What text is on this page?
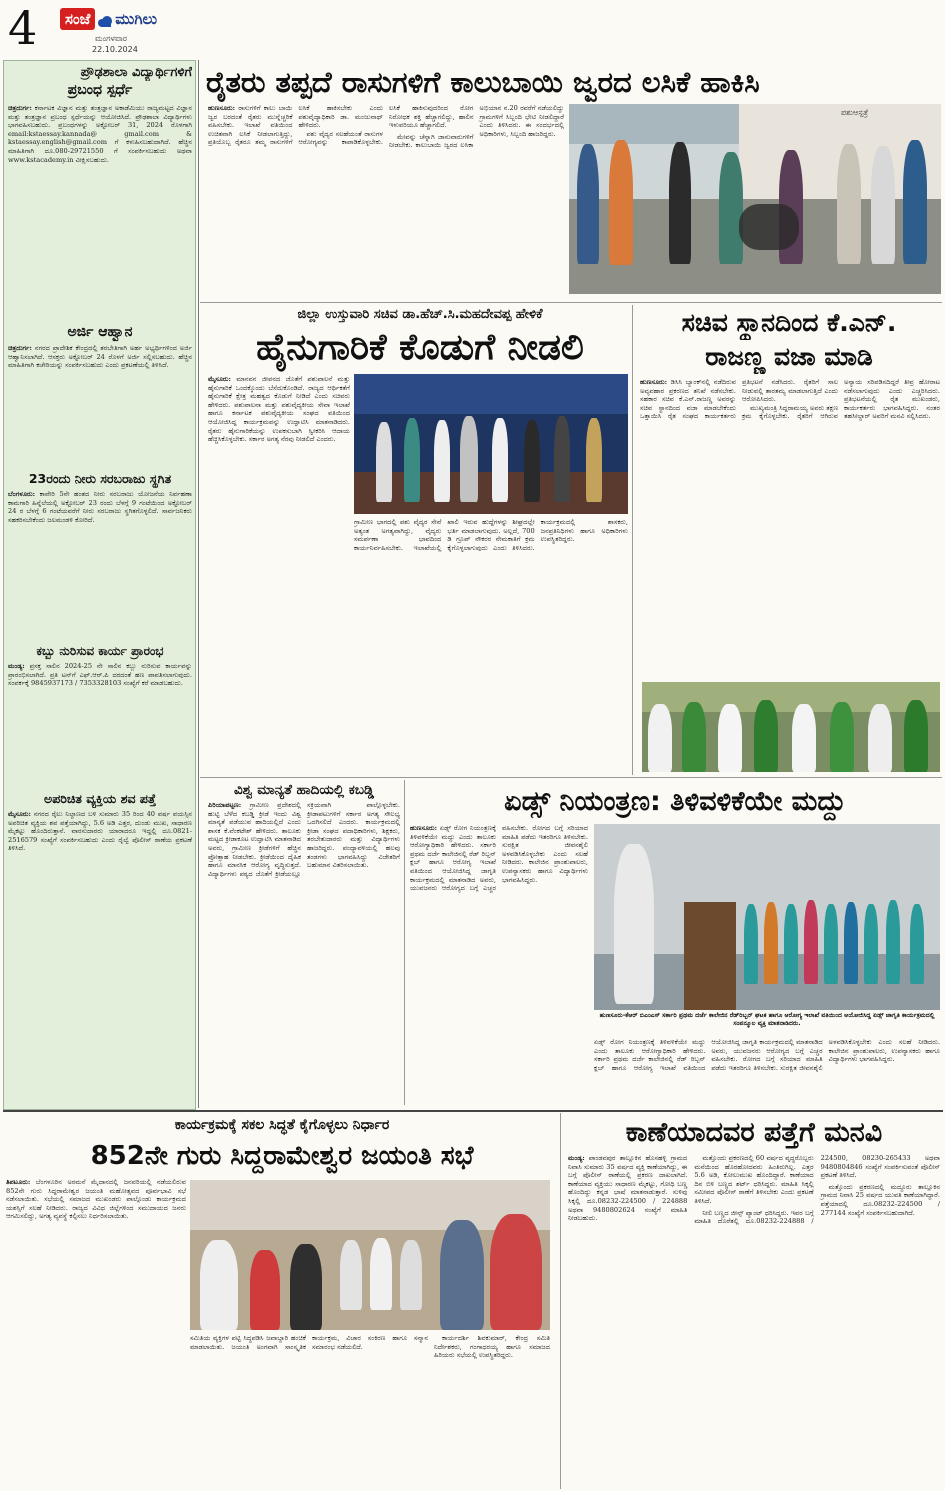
4	ಸಂಜೆ	ಮುಗಿಲು
ಮಂಗಳವಾರ
22.10.2024
ಪ್ರೌಢಶಾಲಾ ವಿದ್ಯಾರ್ಥಿಗಳಿಗೆ
ಪ್ರಬಂಧ ಸ್ಪರ್ಧೆ
ಚಿತ್ರದುರ್ಗ: ಕರ್ನಾಟಕ ವಿಜ್ಞಾನ ಮತ್ತು ತಂತ್ರಜ್ಞಾನ ಅಕಾಡೆಮಿಯು ರಾಜ್ಯಮಟ್ಟದ ವಿಜ್ಞಾನ ಮತ್ತು ತಂತ್ರಜ್ಞಾನ ಪ್ರಬಂಧ ಸ್ಪರ್ಧೆಯನ್ನು ಆಯೋಜಿಸಿದೆ. ಪ್ರೌಢಶಾಲಾ ವಿದ್ಯಾರ್ಥಿಗಳು ಭಾಗವಹಿಸಬಹುದು. ಪ್ರಬಂಧಗಳನ್ನು ಅಕ್ಟೋಬರ್ 31, 2024 ರೊಳಗಾಗಿ email:kstaessay.kannada@ gmail.com & kstaessay.english@gmail.com ಗೆ ಕಳುಹಿಸಬಹುದಾಗಿದೆ. ಹೆಚ್ಚಿನ ಮಾಹಿತಿಗಾಗಿ ದೂ.080-29721550 ಗೆ ಸಂಪರ್ಕಿಸಬಹುದು ಅಥವಾ www.kstacademy.in ವೀಕ್ಷಿಸಬಹುದು.
ಅರ್ಜಿ ಆಹ್ವಾನ
ಚಿತ್ರದುರ್ಗ: ನಗರದ ಪ್ರಾದೇಶಿಕ ಕೇಂದ್ರದಲ್ಲಿ ತರಬೇತಿಗಾಗಿ ಅರ್ಹ ಅಭ್ಯರ್ಥಿಗಳಿಂದ ಅರ್ಜಿ ಆಹ್ವಾನಿಸಲಾಗಿದೆ. ಆಸಕ್ತರು ಅಕ್ಟೋಬರ್ 24 ರೊಳಗೆ ಅರ್ಜಿ ಸಲ್ಲಿಸಬಹುದು. ಹೆಚ್ಚಿನ ಮಾಹಿತಿಗಾಗಿ ಕಚೇರಿಯನ್ನು ಸಂಪರ್ಕಿಸಬಹುದು ಎಂದು ಪ್ರಕಟಣೆಯಲ್ಲಿ ತಿಳಿಸಿದೆ.
23ರಂದು ನೀರು ಸರಬರಾಜು ಸ್ಥಗಿತ
ಬೆಂಗಳೂರು: ಕಾವೇರಿ 5ನೇ ಹಂತದ ನೀರು ಸರಬರಾಜು ಯೋಜನೆಯ ನಿರ್ವಹಣಾ ಕಾಮಗಾರಿ ಹಿನ್ನೆಲೆಯಲ್ಲಿ ಅಕ್ಟೋಬರ್ 23 ರಂದು ಬೆಳಗ್ಗೆ 9 ಗಂಟೆಯಿಂದ ಅಕ್ಟೋಬರ್ 24 ರ ಬೆಳಗ್ಗೆ 6 ಗಂಟೆಯವರೆಗೆ ನೀರು ಸರಬರಾಜು ಸ್ಥಗಿತಗೊಳ್ಳಲಿದೆ. ಸಾರ್ವಜನಿಕರು ಸಹಕರಿಸಬೇಕೆಂದು ಜಲಮಂಡಳಿ ಕೋರಿದೆ.
ಕಬ್ಬು ನುರಿಸುವ ಕಾರ್ಯ ಪ್ರಾರಂಭ
ಮಂಡ್ಯ: ಪ್ರಸಕ್ತ ಸಾಲಿನ 2024-25 ನೇ ಸಾಲಿನ ಕಬ್ಬು ನುರಿಸುವ ಕಾರ್ಯವನ್ನು ಪ್ರಾರಂಭಿಸಲಾಗಿದೆ. ಪ್ರತಿ ಟನ್‌ಗೆ ಎಫ್.ಆರ್.ಪಿ ದರದಂತೆ ಹಣ ಪಾವತಿಸಲಾಗುವುದು. ಸಂಪರ್ಕಕ್ಕೆ 9845937173 / 7353328103 ಸಂಖ್ಯೆಗೆ ಕರೆ ಮಾಡಬಹುದು.
ಅಪರಿಚಿತ ವ್ಯಕ್ತಿಯ ಶವ ಪತ್ತೆ
ಮೈಸೂರು: ನಗರದ ರೈಲು ನಿಲ್ದಾಣದ ಬಳಿ ಸುಮಾರು 35 ರಿಂದ 40 ವರ್ಷ ವಯಸ್ಸಿನ ಅಪರಿಚಿತ ವ್ಯಕ್ತಿಯ ಶವ ಪತ್ತೆಯಾಗಿದ್ದು, 5.6 ಅಡಿ ಎತ್ತರ, ದುಂಡು ಮುಖ, ಸಾಧಾರಣ ಮೈಕಟ್ಟು ಹೊಂದಿರುತ್ತಾನೆ. ವಾರಸುದಾರರು ಯಾರಾದರೂ ಇದ್ದಲ್ಲಿ ದೂ.0821-2516579 ಸಂಖ್ಯೆಗೆ ಸಂಪರ್ಕಿಸಬಹುದು ಎಂದು ರೈಲ್ವೆ ಪೊಲೀಸ್ ಠಾಣೆಯ ಪ್ರಕಟಣೆ ತಿಳಿಸಿದೆ.
ರೈತರು ತಪ್ಪದೆ ರಾಸುಗಳಿಗೆ ಕಾಲುಬಾಯಿ ಜ್ವರದ ಲಸಿಕೆ ಹಾಕಿಸಿ
ಹುಣಸೂರು: ರಾಸುಗಳಿಗೆ ಕಾಲು ಬಾಯಿ ಜ್ವರ ಬರದಂತೆ ರೈತರು ಮುನ್ನೆಚ್ಚರಿಕೆ ವಹಿಸಬೇಕು. ಇಲಾಖೆ ವತಿಯಿಂದ ಉಚಿತವಾಗಿ ಲಸಿಕೆ ನೀಡಲಾಗುತ್ತಿದ್ದು, ಪ್ರತಿಯೊಬ್ಬ ರೈತರೂ ತಮ್ಮ ರಾಸುಗಳಿಗೆ ಲಸಿಕೆ ಹಾಕಿಸಬೇಕು ಎಂದು ಪಶುವೈದ್ಯಾಧಿಕಾರಿ ಡಾ. ಮಂಜುನಾಥ್ ಹೇಳಿದರು.

ಪಶು ವೈದ್ಯರ ಸಲಹೆಯಂತೆ ರಾಸುಗಳ ಆರೋಗ್ಯವನ್ನು ಕಾಪಾಡಿಕೊಳ್ಳಬೇಕು. ಲಸಿಕೆ ಹಾಕಿಸುವುದರಿಂದ ರೋಗ ನಿರೋಧಕ ಶಕ್ತಿ ಹೆಚ್ಚಾಗಲಿದ್ದು, ಹಾಲಿನ ಇಳುವರಿಯೂ ಹೆಚ್ಚಾಗಲಿದೆ.

ಮೇವನ್ನು ಚೆನ್ನಾಗಿ ಜಾನುವಾರುಗಳಿಗೆ ನೀಡಬೇಕು. ಕಾಲುಬಾಯಿ ಜ್ವರದ ಲಸಿಕಾ ಅಭಿಯಾನ ನ.20 ರವರೆಗೆ ನಡೆಯಲಿದ್ದು ಗ್ರಾಮಗಳಿಗೆ ಸಿಬ್ಬಂದಿ ಭೇಟಿ ನೀಡಲಿದ್ದಾರೆ ಎಂದು ತಿಳಿಸಿದರು. ಈ ಸಂದರ್ಭದಲ್ಲಿ ಅಧಿಕಾರಿಗಳು, ಸಿಬ್ಬಂದಿ ಹಾಜರಿದ್ದರು.

ಪಶುಆಸ್ಪತ್ರೆ
ಜಿಲ್ಲಾ ಉಸ್ತುವಾರಿ ಸಚಿವ ಡಾ.ಹೆಚ್.ಸಿ.ಮಹದೇವಪ್ಪ ಹೇಳಿಕೆ
ಹೈನುಗಾರಿಕೆ ಕೊಡುಗೆ ನೀಡಲಿ
ಮೈಸೂರು: ಮಾನವನ ಜೀವನದ ಜೊತೆಗೆ ಪಶುಪಾಲನೆ ಮತ್ತು ಹೈನುಗಾರಿಕೆ ಒಂದಕ್ಕೊಂದು ಬೆಸೆದುಕೊಂಡಿದೆ. ರಾಜ್ಯದ ಆರ್ಥಿಕತೆಗೆ ಹೈನುಗಾರಿಕೆ ಕ್ಷೇತ್ರ ಮಹತ್ವದ ಕೊಡುಗೆ ನೀಡಿದೆ ಎಂದು ಸಚಿವರು ಹೇಳಿದರು. ಪಶುಪಾಲನಾ ಮತ್ತು ಪಶುವೈದ್ಯಕೀಯ ಸೇವಾ ಇಲಾಖೆ ಹಾಗೂ ಕರ್ನಾಟಕ ಪಶುವೈದ್ಯಕೀಯ ಸಂಘದ ವತಿಯಿಂದ ಆಯೋಜಿಸಿದ್ದ ಕಾರ್ಯಕ್ರಮವನ್ನು ಉದ್ಘಾಟಿಸಿ ಮಾತನಾಡಿದರು. ರೈತರು ಹೈನುಗಾರಿಕೆಯನ್ನು ಉಪಕಸುಬಾಗಿ ಸ್ವೀಕರಿಸಿ ಆದಾಯ ಹೆಚ್ಚಿಸಿಕೊಳ್ಳಬೇಕು. ಸರ್ಕಾರ ಅಗತ್ಯ ನೆರವು ನೀಡಲಿದೆ ಎಂದರು.
ಗ್ರಾಮೀಣ ಭಾಗದಲ್ಲಿ ಪಶು ವೈದ್ಯರ ಸೇವೆ ಅತ್ಯಂತ ಅಗತ್ಯವಾಗಿದ್ದು, ವೈದ್ಯರು ಸಮರ್ಪಣಾ ಭಾವದಿಂದ ಕಾರ್ಯನಿರ್ವಹಿಸಬೇಕು. ಇಲಾಖೆಯಲ್ಲಿ ಖಾಲಿ ಇರುವ ಹುದ್ದೆಗಳನ್ನು ಶೀಘ್ರದಲ್ಲೇ ಭರ್ತಿ ಮಾಡಲಾಗುವುದು. ಅಲ್ಲದೆ, 700 ಡಿ ಗ್ರೂಪ್ ನೌಕರರ ನೇಮಕಾತಿಗೆ ಕ್ರಮ ಕೈಗೊಳ್ಳಲಾಗುವುದು ಎಂದು ತಿಳಿಸಿದರು. ಕಾರ್ಯಕ್ರಮದಲ್ಲಿ ಶಾಸಕರು, ಜನಪ್ರತಿನಿಧಿಗಳು ಹಾಗೂ ಅಧಿಕಾರಿಗಳು ಉಪಸ್ಥಿತರಿದ್ದರು.
ಸಚಿವ ಸ್ಥಾನದಿಂದ ಕೆ.ಎನ್.
ರಾಜಣ್ಣ ವಜಾ ಮಾಡಿ
ಹುಣಸೂರು: ಡಿಸಿಸಿ ಬ್ಯಾಂಕ್‌ನಲ್ಲಿ ನಡೆದಿರುವ ಅವ್ಯವಹಾರ ಪ್ರಕರಣದ ತನಿಖೆ ನಡೆಸಬೇಕು. ಸಹಕಾರ ಸಚಿವ ಕೆ.ಎನ್.ರಾಜಣ್ಣ ಅವರನ್ನು ಸಚಿವ ಸ್ಥಾನದಿಂದ ವಜಾ ಮಾಡಬೇಕೆಂದು ಒತ್ತಾಯಿಸಿ ರೈತ ಸಂಘದ ಕಾರ್ಯಕರ್ತರು ಪ್ರತಿಭಟನೆ ನಡೆಸಿದರು. ರೈತರಿಗೆ ಸಾಲ ನೀಡುವಲ್ಲಿ ತಾರತಮ್ಯ ಮಾಡಲಾಗುತ್ತಿದೆ ಎಂದು ಆರೋಪಿಸಿದರು.

ಮುಖ್ಯಮಂತ್ರಿ ಸಿದ್ದರಾಮಯ್ಯ ಅವರು ತಕ್ಷಣ ಕ್ರಮ ಕೈಗೊಳ್ಳಬೇಕು. ರೈತರಿಗೆ ಆಗಿರುವ ಅನ್ಯಾಯ ಸರಿಪಡಿಸದಿದ್ದರೆ ತೀವ್ರ ಹೋರಾಟ ನಡೆಸಲಾಗುವುದು ಎಂದು ಎಚ್ಚರಿಸಿದರು. ಪ್ರತಿಭಟನೆಯಲ್ಲಿ ರೈತ ಮುಖಂಡರು, ಕಾರ್ಯಕರ್ತರು ಭಾಗವಹಿಸಿದ್ದರು. ನಂತರ ತಹಸೀಲ್ದಾರ್ ಅವರಿಗೆ ಮನವಿ ಸಲ್ಲಿಸಿದರು.

ವಿಶ್ವ ಮಾನ್ಯತೆ ಹಾದಿಯಲ್ಲಿ ಕಬಡ್ಡಿ
ಪಿರಿಯಾಪಟ್ಟಣ: ಗ್ರಾಮೀಣ ಪ್ರದೇಶದಲ್ಲಿ ಹುಟ್ಟಿ ಬೆಳೆದ ಕಬಡ್ಡಿ ಕ್ರೀಡೆ ಇಂದು ವಿಶ್ವ ಮಾನ್ಯತೆ ಪಡೆಯುವ ಹಾದಿಯಲ್ಲಿದೆ ಎಂದು ಶಾಸಕ ಕೆ.ವೆಂಕಟೇಶ್ ಹೇಳಿದರು. ತಾಲೂಕು ಮಟ್ಟದ ಕ್ರೀಡಾಕೂಟ ಉದ್ಘಾಟಿಸಿ ಮಾತನಾಡಿದ ಅವರು, ಗ್ರಾಮೀಣ ಕ್ರೀಡೆಗಳಿಗೆ ಹೆಚ್ಚಿನ ಪ್ರೋತ್ಸಾಹ ನೀಡಬೇಕು. ಕ್ರೀಡೆಯಿಂದ ದೈಹಿಕ ಹಾಗೂ ಮಾನಸಿಕ ಆರೋಗ್ಯ ವೃದ್ಧಿಸುತ್ತದೆ. ವಿದ್ಯಾರ್ಥಿಗಳು ಪಠ್ಯದ ಜೊತೆಗೆ ಕ್ರೀಡೆಯಲ್ಲೂ ಸಕ್ರಿಯವಾಗಿ ಪಾಲ್ಗೊಳ್ಳಬೇಕು. ಕ್ರೀಡಾಪಟುಗಳಿಗೆ ಸರ್ಕಾರ ಅಗತ್ಯ ಸೌಲಭ್ಯ ಒದಗಿಸಲಿದೆ ಎಂದರು. ಕಾರ್ಯಕ್ರಮದಲ್ಲಿ ಕ್ರೀಡಾ ಸಂಘದ ಪದಾಧಿಕಾರಿಗಳು, ಶಿಕ್ಷಕರು, ತರಬೇತುದಾರರು ಮತ್ತು ವಿದ್ಯಾರ್ಥಿಗಳು ಹಾಜರಿದ್ದರು. ಪಂದ್ಯಾವಳಿಯಲ್ಲಿ ಹಲವು ತಂಡಗಳು ಭಾಗವಹಿಸಿದ್ದು ವಿಜೇತರಿಗೆ ಬಹುಮಾನ ವಿತರಿಸಲಾಯಿತು.
ಏಡ್ಸ್ ನಿಯಂತ್ರಣ: ತಿಳಿವಳಿಕೆಯೇ ಮದ್ದು
ಹುಣಸೂರು: ಏಡ್ಸ್ ರೋಗ ನಿಯಂತ್ರಣಕ್ಕೆ ತಿಳಿವಳಿಕೆಯೇ ಮದ್ದು ಎಂದು ತಾಲೂಕು ಆರೋಗ್ಯಾಧಿಕಾರಿ ಹೇಳಿದರು. ಸರ್ಕಾರಿ ಪ್ರಥಮ ದರ್ಜೆ ಕಾಲೇಜಿನಲ್ಲಿ ರೆಡ್ ರಿಬ್ಬನ್ ಕ್ಲಬ್ ಹಾಗೂ ಆರೋಗ್ಯ ಇಲಾಖೆ ವತಿಯಿಂದ ಆಯೋಜಿಸಿದ್ದ ಜಾಗೃತಿ ಕಾರ್ಯಕ್ರಮದಲ್ಲಿ ಮಾತನಾಡಿದ ಅವರು, ಯುವಜನರು ಆರೋಗ್ಯದ ಬಗ್ಗೆ ಎಚ್ಚರ ವಹಿಸಬೇಕು. ರೋಗದ ಬಗ್ಗೆ ಸರಿಯಾದ ಮಾಹಿತಿ ಪಡೆದು ಇತರರಿಗೂ ತಿಳಿಸಬೇಕು. ಸುರಕ್ಷಿತ ಜೀವನಶೈಲಿ ಅಳವಡಿಸಿಕೊಳ್ಳಬೇಕು ಎಂದು ಸಲಹೆ ನೀಡಿದರು. ಕಾಲೇಜಿನ ಪ್ರಾಂಶುಪಾಲರು, ಉಪನ್ಯಾಸಕರು ಹಾಗೂ ವಿದ್ಯಾರ್ಥಿಗಳು ಭಾಗವಹಿಸಿದ್ದರು.
ಹುಣಸೂರು-ಕೆಆರ್‌ ಬಿಎಂಎಸ್ ಸರ್ಕಾರಿ ಪ್ರಥಮ ದರ್ಜೆ ಕಾಲೇಜಿನ ರೆಡ್‌ರಿಬ್ಬನ್ ಘಟಕ ಹಾಗೂ ಆರೋಗ್ಯ ಇಲಾಖೆ ವತಿಯಿಂದ ಆಯೋಜಿಸಿದ್ದ ಏಡ್ಸ್ ಜಾಗೃತಿ ಕಾರ್ಯಕ್ರಮದಲ್ಲಿ ಸಂಪನ್ಮೂಲ ವ್ಯಕ್ತಿ ಮಾತನಾಡಿದರು.
ಏಡ್ಸ್ ರೋಗ ನಿಯಂತ್ರಣಕ್ಕೆ ತಿಳಿವಳಿಕೆಯೇ ಮದ್ದು ಎಂದು ತಾಲೂಕು ಆರೋಗ್ಯಾಧಿಕಾರಿ ಹೇಳಿದರು. ಸರ್ಕಾರಿ ಪ್ರಥಮ ದರ್ಜೆ ಕಾಲೇಜಿನಲ್ಲಿ ರೆಡ್ ರಿಬ್ಬನ್ ಕ್ಲಬ್ ಹಾಗೂ ಆರೋಗ್ಯ ಇಲಾಖೆ ವತಿಯಿಂದ ಆಯೋಜಿಸಿದ್ದ ಜಾಗೃತಿ ಕಾರ್ಯಕ್ರಮದಲ್ಲಿ ಮಾತನಾಡಿದ ಅವರು, ಯುವಜನರು ಆರೋಗ್ಯದ ಬಗ್ಗೆ ಎಚ್ಚರ ವಹಿಸಬೇಕು. ರೋಗದ ಬಗ್ಗೆ ಸರಿಯಾದ ಮಾಹಿತಿ ಪಡೆದು ಇತರರಿಗೂ ತಿಳಿಸಬೇಕು. ಸುರಕ್ಷಿತ ಜೀವನಶೈಲಿ ಅಳವಡಿಸಿಕೊಳ್ಳಬೇಕು ಎಂದು ಸಲಹೆ ನೀಡಿದರು. ಕಾಲೇಜಿನ ಪ್ರಾಂಶುಪಾಲರು, ಉಪನ್ಯಾಸಕರು ಹಾಗೂ ವಿದ್ಯಾರ್ಥಿಗಳು ಭಾಗವಹಿಸಿದ್ದರು.
ಕಾರ್ಯಕ್ರಮಕ್ಕೆ ಸಕಲ ಸಿದ್ಧತೆ ಕೈಗೊಳ್ಳಲು ನಿರ್ಧಾರ
852ನೇ ಗುರು ಸಿದ್ದರಾಮೇಶ್ವರ ಜಯಂತಿ ಸಭೆ
ತಿಪಟೂರು: ಬೆಂಗಳೂರಿನ ಅರಮನೆ ಮೈದಾನದಲ್ಲಿ ಜನವರಿಯಲ್ಲಿ ನಡೆಯಲಿರುವ 852ನೇ ಗುರು ಸಿದ್ದರಾಮೇಶ್ವರ ಜಯಂತಿ ಮಹೋತ್ಸವದ ಪೂರ್ವಭಾವಿ ಸಭೆ ನಡೆಸಲಾಯಿತು. ಸಭೆಯಲ್ಲಿ ಸಮಾಜದ ಮುಖಂಡರು ಪಾಲ್ಗೊಂಡು ಕಾರ್ಯಕ್ರಮದ ಯಶಸ್ಸಿಗೆ ಸಲಹೆ ನೀಡಿದರು. ರಾಜ್ಯದ ವಿವಿಧ ಜಿಲ್ಲೆಗಳಿಂದ ಸಮುದಾಯದ ಜನರು ಆಗಮಿಸಲಿದ್ದು, ಅಗತ್ಯ ವ್ಯವಸ್ಥೆ ಕಲ್ಪಿಸಲು ನಿರ್ಧರಿಸಲಾಯಿತು.
ಸಮಿತಿಯ ವ್ಯಕ್ತಿಗಳ ಪಟ್ಟಿ ಸಿದ್ಧಪಡಿಸಿ ಜವಾಬ್ದಾರಿ ಹಂಚಿಕೆ ಮಾಡಲಾಯಿತು. ಜಯಂತಿ ಅಂಗವಾಗಿ ಸಾಂಸ್ಕೃತಿಕ ಕಾರ್ಯಕ್ರಮ, ವಿಚಾರ ಸಂಕಿರಣ ಹಾಗೂ ಸನ್ಮಾನ ಸಮಾರಂಭ ನಡೆಯಲಿದೆ.

ಕಾರ್ಯದರ್ಶಿ ಶಿವಕುಮಾರ್, ಕೇಂದ್ರ ಸಮಿತಿ ನಿರ್ದೇಶಕರು, ಗಂಗಾಧರಯ್ಯ ಹಾಗೂ ಸಮಾಜದ ಹಿರಿಯರು ಸಭೆಯಲ್ಲಿ ಉಪಸ್ಥಿತರಿದ್ದರು.

ಕಾಣೆಯಾದವರ ಪತ್ತೆಗೆ ಮನವಿ
ಮಂಡ್ಯ: ಪಾಂಡವಪುರ ತಾಲ್ಲೂಕಿನ ಹೊಸಹಳ್ಳಿ ಗ್ರಾಮದ ನಿವಾಸಿ ಸುಮಾರು 35 ವರ್ಷದ ವ್ಯಕ್ತಿ ಕಾಣೆಯಾಗಿದ್ದು, ಈ ಬಗ್ಗೆ ಪೊಲೀಸ್ ಠಾಣೆಯಲ್ಲಿ ಪ್ರಕರಣ ದಾಖಲಾಗಿದೆ. ಕಾಣೆಯಾದ ವ್ಯಕ್ತಿಯು ಸಾಧಾರಣ ಮೈಕಟ್ಟು, ಗೋಧಿ ಬಣ್ಣ ಹೊಂದಿದ್ದು ಕನ್ನಡ ಭಾಷೆ ಮಾತನಾಡುತ್ತಾರೆ. ಸುಳಿವು ಸಿಕ್ಕಲ್ಲಿ ದೂ.08232-224500 / 224888 ಅಥವಾ 9480802624 ಸಂಖ್ಯೆಗೆ ಮಾಹಿತಿ ನೀಡಬಹುದು.

ಮತ್ತೊಂದು ಪ್ರಕರಣದಲ್ಲಿ 60 ವರ್ಷದ ವೃದ್ಧರೊಬ್ಬರು ಮನೆಯಿಂದ ಹೊರಹೋದವರು ಹಿಂತಿರುಗಿಲ್ಲ. ಎತ್ತರ 5.6 ಅಡಿ, ಕೋಲುಮುಖ ಹೊಂದಿದ್ದಾರೆ. ಕಾಣೆಯಾದ ದಿನ ಬಿಳಿ ಬಣ್ಣದ ಶರ್ಟ್ ಧರಿಸಿದ್ದರು. ಮಾಹಿತಿ ಸಿಕ್ಕಲ್ಲಿ ಸಮೀಪದ ಪೊಲೀಸ್ ಠಾಣೆಗೆ ತಿಳಿಸಬೇಕು ಎಂದು ಪ್ರಕಟಣೆ ತಿಳಿಸಿದೆ.

ನೀಲಿ ಬಣ್ಣದ ಜೀನ್ಸ್ ಪ್ಯಾಂಟ್ ಧರಿಸಿದ್ದರು. ಇವರ ಬಗ್ಗೆ ಮಾಹಿತಿ ದೊರೆತಲ್ಲಿ ದೂ.08232-224888 / 224500, 08230-265433 ಅಥವಾ 9480804846 ಸಂಖ್ಯೆಗೆ ಸಂಪರ್ಕಿಸುವಂತೆ ಪೊಲೀಸ್ ಪ್ರಕಟಣೆ ತಿಳಿಸಿದೆ.

ಮತ್ತೊಂದು ಪ್ರಕರಣದಲ್ಲಿ ಮದ್ದೂರು ತಾಲ್ಲೂಕಿನ ಗ್ರಾಮದ ನಿವಾಸಿ 25 ವರ್ಷದ ಯುವತಿ ಕಾಣೆಯಾಗಿದ್ದಾರೆ. ಪತ್ತೆಯಾದಲ್ಲಿ ದೂ.08232-224500 / 277144 ಸಂಖ್ಯೆಗೆ ಸಂಪರ್ಕಿಸಬಹುದಾಗಿದೆ.
